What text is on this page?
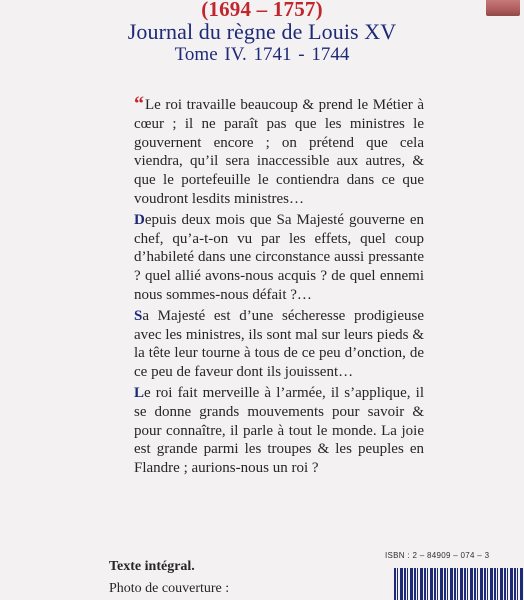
(1694 – 1757)
Journal du règne de Louis XV
Tome IV. 1741 - 1744

“Le roi travaille beaucoup & prend le Métier à cœur ; il ne paraît pas que les ministres le gouvernent encore ; on prétend que cela viendra, qu’il sera inaccessible aux autres, & que le portefeuille le contiendra dans ce que voudront lesdits ministres…

Depuis deux mois que Sa Majesté gouverne en chef, qu’a-t-on vu par les effets, quel coup d’habileté dans une circonstance aussi pressante ? quel allié avons-nous acquis ? de quel ennemi nous sommes-nous défait ?…

Sa Majesté est d’une sécheresse prodigieuse avec les ministres, ils sont mal sur leurs pieds & la tête leur tourne à tous de ce peu d’onction, de ce peu de faveur dont ils jouissent…

Le roi fait merveille à l’armée, il s’applique, il se donne grands mouvements pour savoir & pour connaître, il parle à tout le monde. La joie est grande parmi les troupes & les peuples en Flandre ; aurions-nous un roi ?

ISBN : 2 – 84909 – 074 – 3
Texte intégral.
Photo de couverture :
